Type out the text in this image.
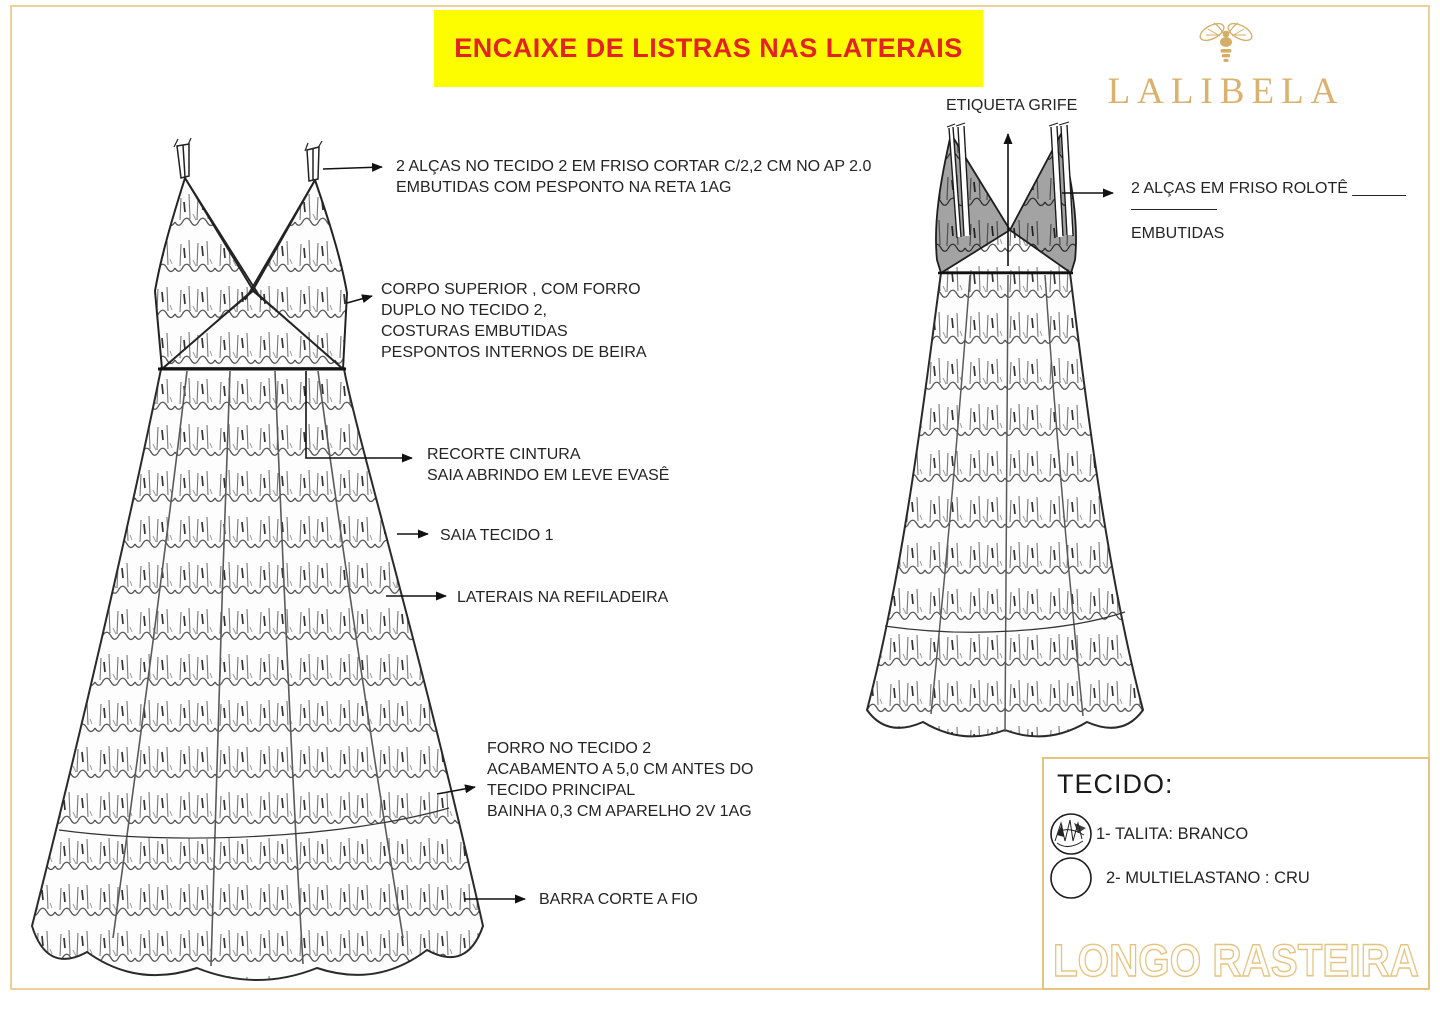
ENCAIXE DE LISTRAS NAS LATERAIS
LALIBELA
2 ALÇAS NO TECIDO 2 EM FRISO CORTAR C/2,2 CM NO AP 2.0
EMBUTIDAS COM PESPONTO NA RETA 1AG
CORPO SUPERIOR , COM FORRO
DUPLO NO TECIDO 2,
COSTURAS EMBUTIDAS
PESPONTOS INTERNOS DE BEIRA
RECORTE CINTURA
SAIA ABRINDO EM LEVE EVASÊ
SAIA TECIDO 1
LATERAIS NA REFILADEIRA
FORRO NO TECIDO 2
ACABAMENTO A 5,0 CM ANTES DO
TECIDO PRINCIPAL
BAINHA 0,3 CM APARELHO 2V 1AG
BARRA CORTE A FIO
ETIQUETA GRIFE
2 ALÇAS EM FRISO ROLOTÊ ______
EMBUTIDAS
TECIDO:
1- TALITA: BRANCO
2- MULTIELASTANO : CRU
LONGO RASTEIRA
